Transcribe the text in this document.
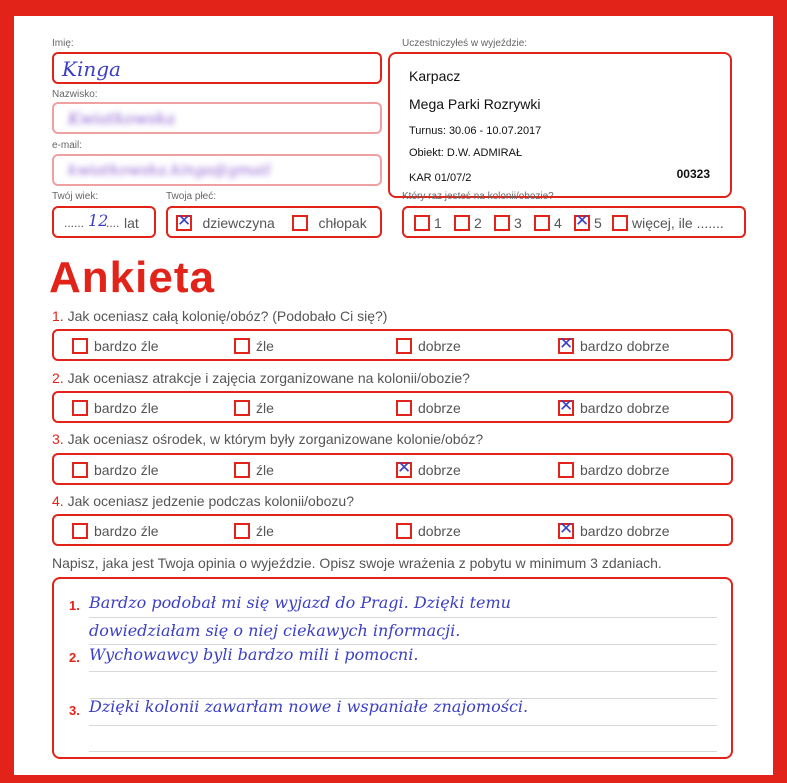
Imię:
Kinga
Nazwisko:
Kwiatkowska
e-mail:
kwiatkowska.kinga@gmail
Twój wiek:
...... 12
.... lat
Twoja płeć:
✕ dziewczyna	chłopak
Uczestniczyłeś w wyjeździe:
Karpacz
Mega Parki Rozrywki
Turnus: 30.06 - 10.07.2017
Obiekt: D.W. ADMIRAŁ
KAR 01/07/2	00323
Który raz jesteś na kolonii/obozie?
1	2	3	4 ✕ 5	więcej, ile .......
Ankieta
1. Jak oceniasz całą kolonię/obóz? (Podobało Ci się?)
bardzo źle	źle	dobrze	✕ bardzo dobrze
2. Jak oceniasz atrakcje i zajęcia zorganizowane na kolonii/obozie?
bardzo źle	źle	dobrze	✕ bardzo dobrze
3. Jak oceniasz ośrodek, w którym były zorganizowane kolonie/obóz?
bardzo źle	źle	✕ dobrze	bardzo dobrze
4. Jak oceniasz jedzenie podczas kolonii/obozu?
bardzo źle	źle	dobrze	✕ bardzo dobrze
Napisz, jaka jest Twoja opinia o wyjeździe. Opisz swoje wrażenia z pobytu w minimum 3 zdaniach.
1. Bardzo podobał mi się wyjazd do Pragi. Dzięki temu
dowiedziałam się o niej ciekawych informacji.
2. Wychowawcy byli bardzo mili i pomocni.
3. Dzięki kolonii zawarłam nowe i wspaniałe znajomości.
